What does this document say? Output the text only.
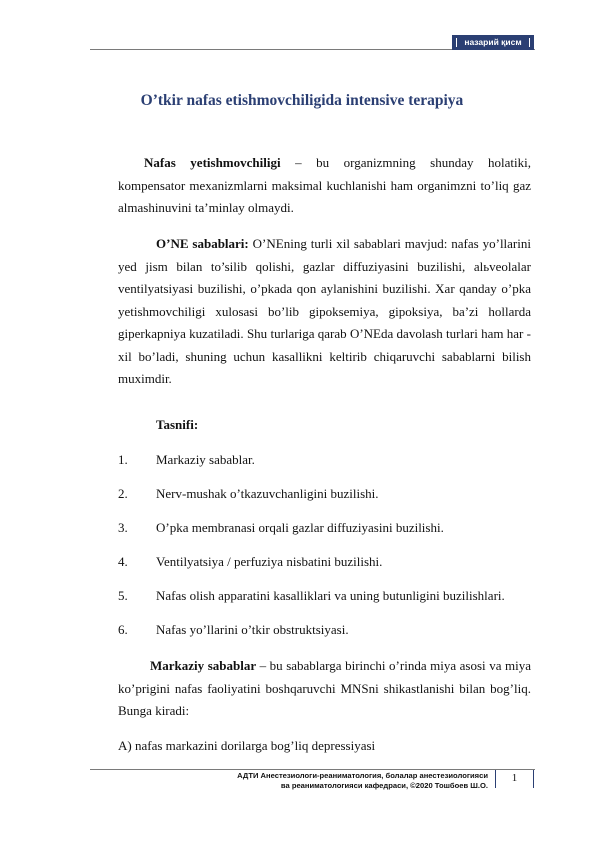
назарий қисм
O’tkir nafas etishmovchiligida intensive terapiya

Nafas yetishmovchiligi – bu organizmning shunday holatiki, kompensator mexanizmlarni maksimal kuchlanishi ham organimzni to’liq gaz almashinuvini ta’minlay olmaydi.

O’NE sabablari: O’NEning turli xil sabablari mavjud: nafas yo’llarini yed jism bilan to’silib qolishi, gazlar diffuziyasini buzilishi, alьveolalar ventilyatsiyasi buzilishi, o’pkada qon aylanishini buzilishi. Xar qanday o’pka yetishmovchiligi xulosasi bo’lib gipoksemiya, gipoksiya, ba’zi hollarda giperkapniya kuzatiladi. Shu turlariga qarab O’NEda davolash turlari ham har - xil bo’ladi, shuning uchun kasallikni keltirib chiqaruvchi sabablarni bilish muximdir.

Tasnifi:

1. Markaziy sabablar.
2. Nerv-mushak o’tkazuvchanligini buzilishi.
3. O’pka membranasi orqali gazlar diffuziyasini buzilishi.
4. Ventilyatsiya / perfuziya nisbatini buzilishi.
5. Nafas olish apparatini kasalliklari va uning butunligini buzilishlari.
6. Nafas yo’llarini o’tkir obstruktsiyasi.

Markaziy sabablar – bu sabablarga birinchi o’rinda miya asosi va miya ko’prigini nafas faoliyatini boshqaruvchi MNSni shikastlanishi bilan bog’liq. Bunga kiradi:

A) nafas markazini dorilarga bog’liq depressiyasi

АДТИ Анестезиологи-реаниматология, болалар анестезиологияси
ва реаниматологияси кафедраси, ©2020 Тошбоев Ш.О.
1
